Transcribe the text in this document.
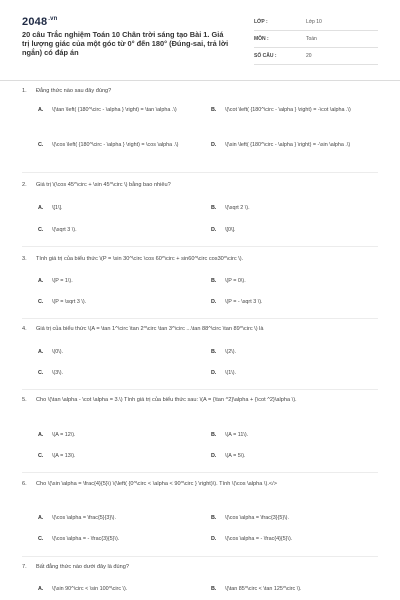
$2048^{.vn}$
20 câu Trắc nghiệm Toán 10 Chân trời sáng tạo Bài 1. Giá trị lượng giác của một góc từ 0° đến 180° (Đúng-sai, trả lời ngắn) có đáp án
LỚP :	Lớp 10
MÔN :	Toán
SỐ CÂU :	20
1.	Đẳng thức nào sau đây đúng?
A.	\(\tan \left( {180^\circ - \alpha } \right) = \tan \alpha .\)	B.	\(\cot \left( {180^\circ - \alpha } \right) = -\cot \alpha .\)
C.	\(\cos \left( {180^\circ - \alpha } \right) = \cos \alpha .\)	D.	\(\sin \left( {180^\circ - \alpha } \right) = -\sin \alpha .\)
2.	Giá trị \(\cos 45^\circ + \sin 45^\circ \) bằng bao nhiêu?
A.	\[1\].	B.	\(\sqrt 2 \).
C.	\(\sqrt 3 \).	D.	\[0\].
3.	Tính giá trị của biểu thức \(P = \sin 30^\circ \cos 60^\circ + sin60^\circ cos30^\circ \).
A.	\(P = 1\).	B.	\(P = 0\).
C.	\(P = \sqrt 3 \).	D.	\(P = - \sqrt 3 \).
4.	Giá trị của biểu thức \(A = \tan 1^\circ \tan 2^\circ \tan 3^\circ ...\tan 88^\circ \tan 89^\circ \) là
A.	\(0\).	B.	\(2\).
C.	\(3\).	D.	\(1\).
5.	Cho \(\tan \alpha - \cot \alpha = 3.\) Tính giá trị của biểu thức sau: \(A = {\tan ^2}\alpha + {\cot ^2}\alpha \).
A.	\(A = 12\).	B.	\(A = 11\).
C.	\(A = 13\).	D.	\(A = 5\).
6.	Cho \(\sin \alpha = \frac{4}{5}\) \(\left( {0^\circ < \alpha < 90^\circ } \right)\). Tính \(\cos \alpha \).</>
A.	\(\cos \alpha = \frac{5}{3}\).	B.	\(\cos \alpha = \frac{3}{5}\).
C.	\(\cos \alpha = - \frac{3}{5}\).	D.	\(\cos \alpha = - \frac{4}{5}\).
7.	Bất đẳng thức nào dưới đây là đúng?
A.	\(\sin 90^\circ < \sin 100^\circ \).	B.	\(\tan 85^\circ < \tan 125^\circ \).
